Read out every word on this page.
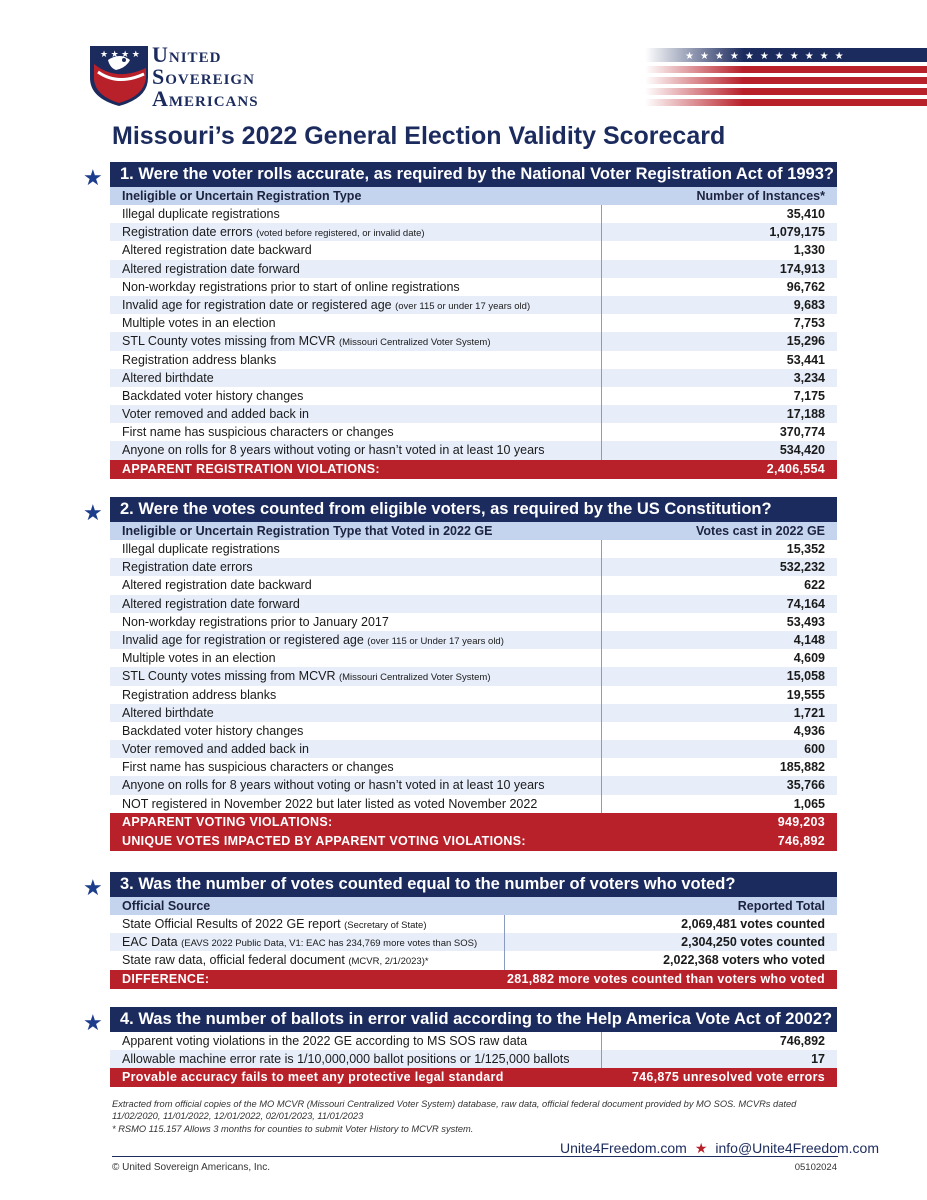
★ ★ ★ ★ United
Sovereign
Americans
Missouri’s 2022 General Election Validity Scorecard
★	1. Were the voter rolls accurate, as required by the National Voter Registration Act of 1993?
Ineligible or Uncertain Registration Type	Number of Instances*
Illegal duplicate registrations	35,410
Registration date errors (voted before registered, or invalid date)	1,079,175
Altered registration date backward	1,330
Altered registration date forward	174,913
Non-workday registrations prior to start of online registrations	96,762
Invalid age for registration date or registered age (over 115 or under 17 years old)	9,683
Multiple votes in an election	7,753
STL County votes missing from MCVR (Missouri Centralized Voter System)	15,296
Registration address blanks	53,441
Altered birthdate	3,234
Backdated voter history changes	7,175
Voter removed and added back in	17,188
First name has suspicious characters or changes	370,774
Anyone on rolls for 8 years without voting or hasn’t voted in at least 10 years	534,420
APPARENT REGISTRATION VIOLATIONS:	2,406,554
★	2. Were the votes counted from eligible voters, as required by the US Constitution?
Ineligible or Uncertain Registration Type that Voted in 2022 GE	Votes cast in 2022 GE
Illegal duplicate registrations	15,352
Registration date errors	532,232
Altered registration date backward	622
Altered registration date forward	74,164
Non-workday registrations prior to January 2017	53,493
Invalid age for registration or registered age (over 115 or Under 17 years old)	4,148
Multiple votes in an election	4,609
STL County votes missing from MCVR (Missouri Centralized Voter System)	15,058
Registration address blanks	19,555
Altered birthdate	1,721
Backdated voter history changes	4,936
Voter removed and added back in	600
First name has suspicious characters or changes	185,882
Anyone on rolls for 8 years without voting or hasn’t voted in at least 10 years	35,766
NOT registered in November 2022 but later listed as voted November 2022	1,065
APPARENT VOTING VIOLATIONS:	949,203
UNIQUE VOTES IMPACTED BY APPARENT VOTING VIOLATIONS:	746,892
★	3. Was the number of votes counted equal to the number of voters who voted?
Official Source	Reported Total
State Official Results of 2022 GE report (Secretary of State)	2,069,481 votes counted
EAC Data (EAVS 2022 Public Data, V1: EAC has 234,769 more votes than SOS)	2,304,250 votes counted
State raw data, official federal document (MCVR, 2/1/2023)*	2,022,368 voters who voted
DIFFERENCE:	281,882 more votes counted than voters who voted
★	4. Was the number of ballots in error valid according to the Help America Vote Act of 2002?
Apparent voting violations in the 2022 GE according to MS SOS raw data	746,892
Allowable machine error rate is 1/10,000,000 ballot positions or 1/125,000 ballots	17
Provable accuracy fails to meet any protective legal standard	746,875 unresolved vote errors
Extracted from official copies of the MO MCVR (Missouri Centralized Voter System) database, raw data, official federal document provided by MO SOS. MCVRs dated 11/02/2020, 11/01/2022, 12/01/2022, 02/01/2023, 11/01/2023
* RSMO 115.157 Allows 3 months for counties to submit Voter History to MCVR system.
Unite4Freedom.com ★ info@Unite4Freedom.com
© United Sovereign Americans, Inc.	05102024
